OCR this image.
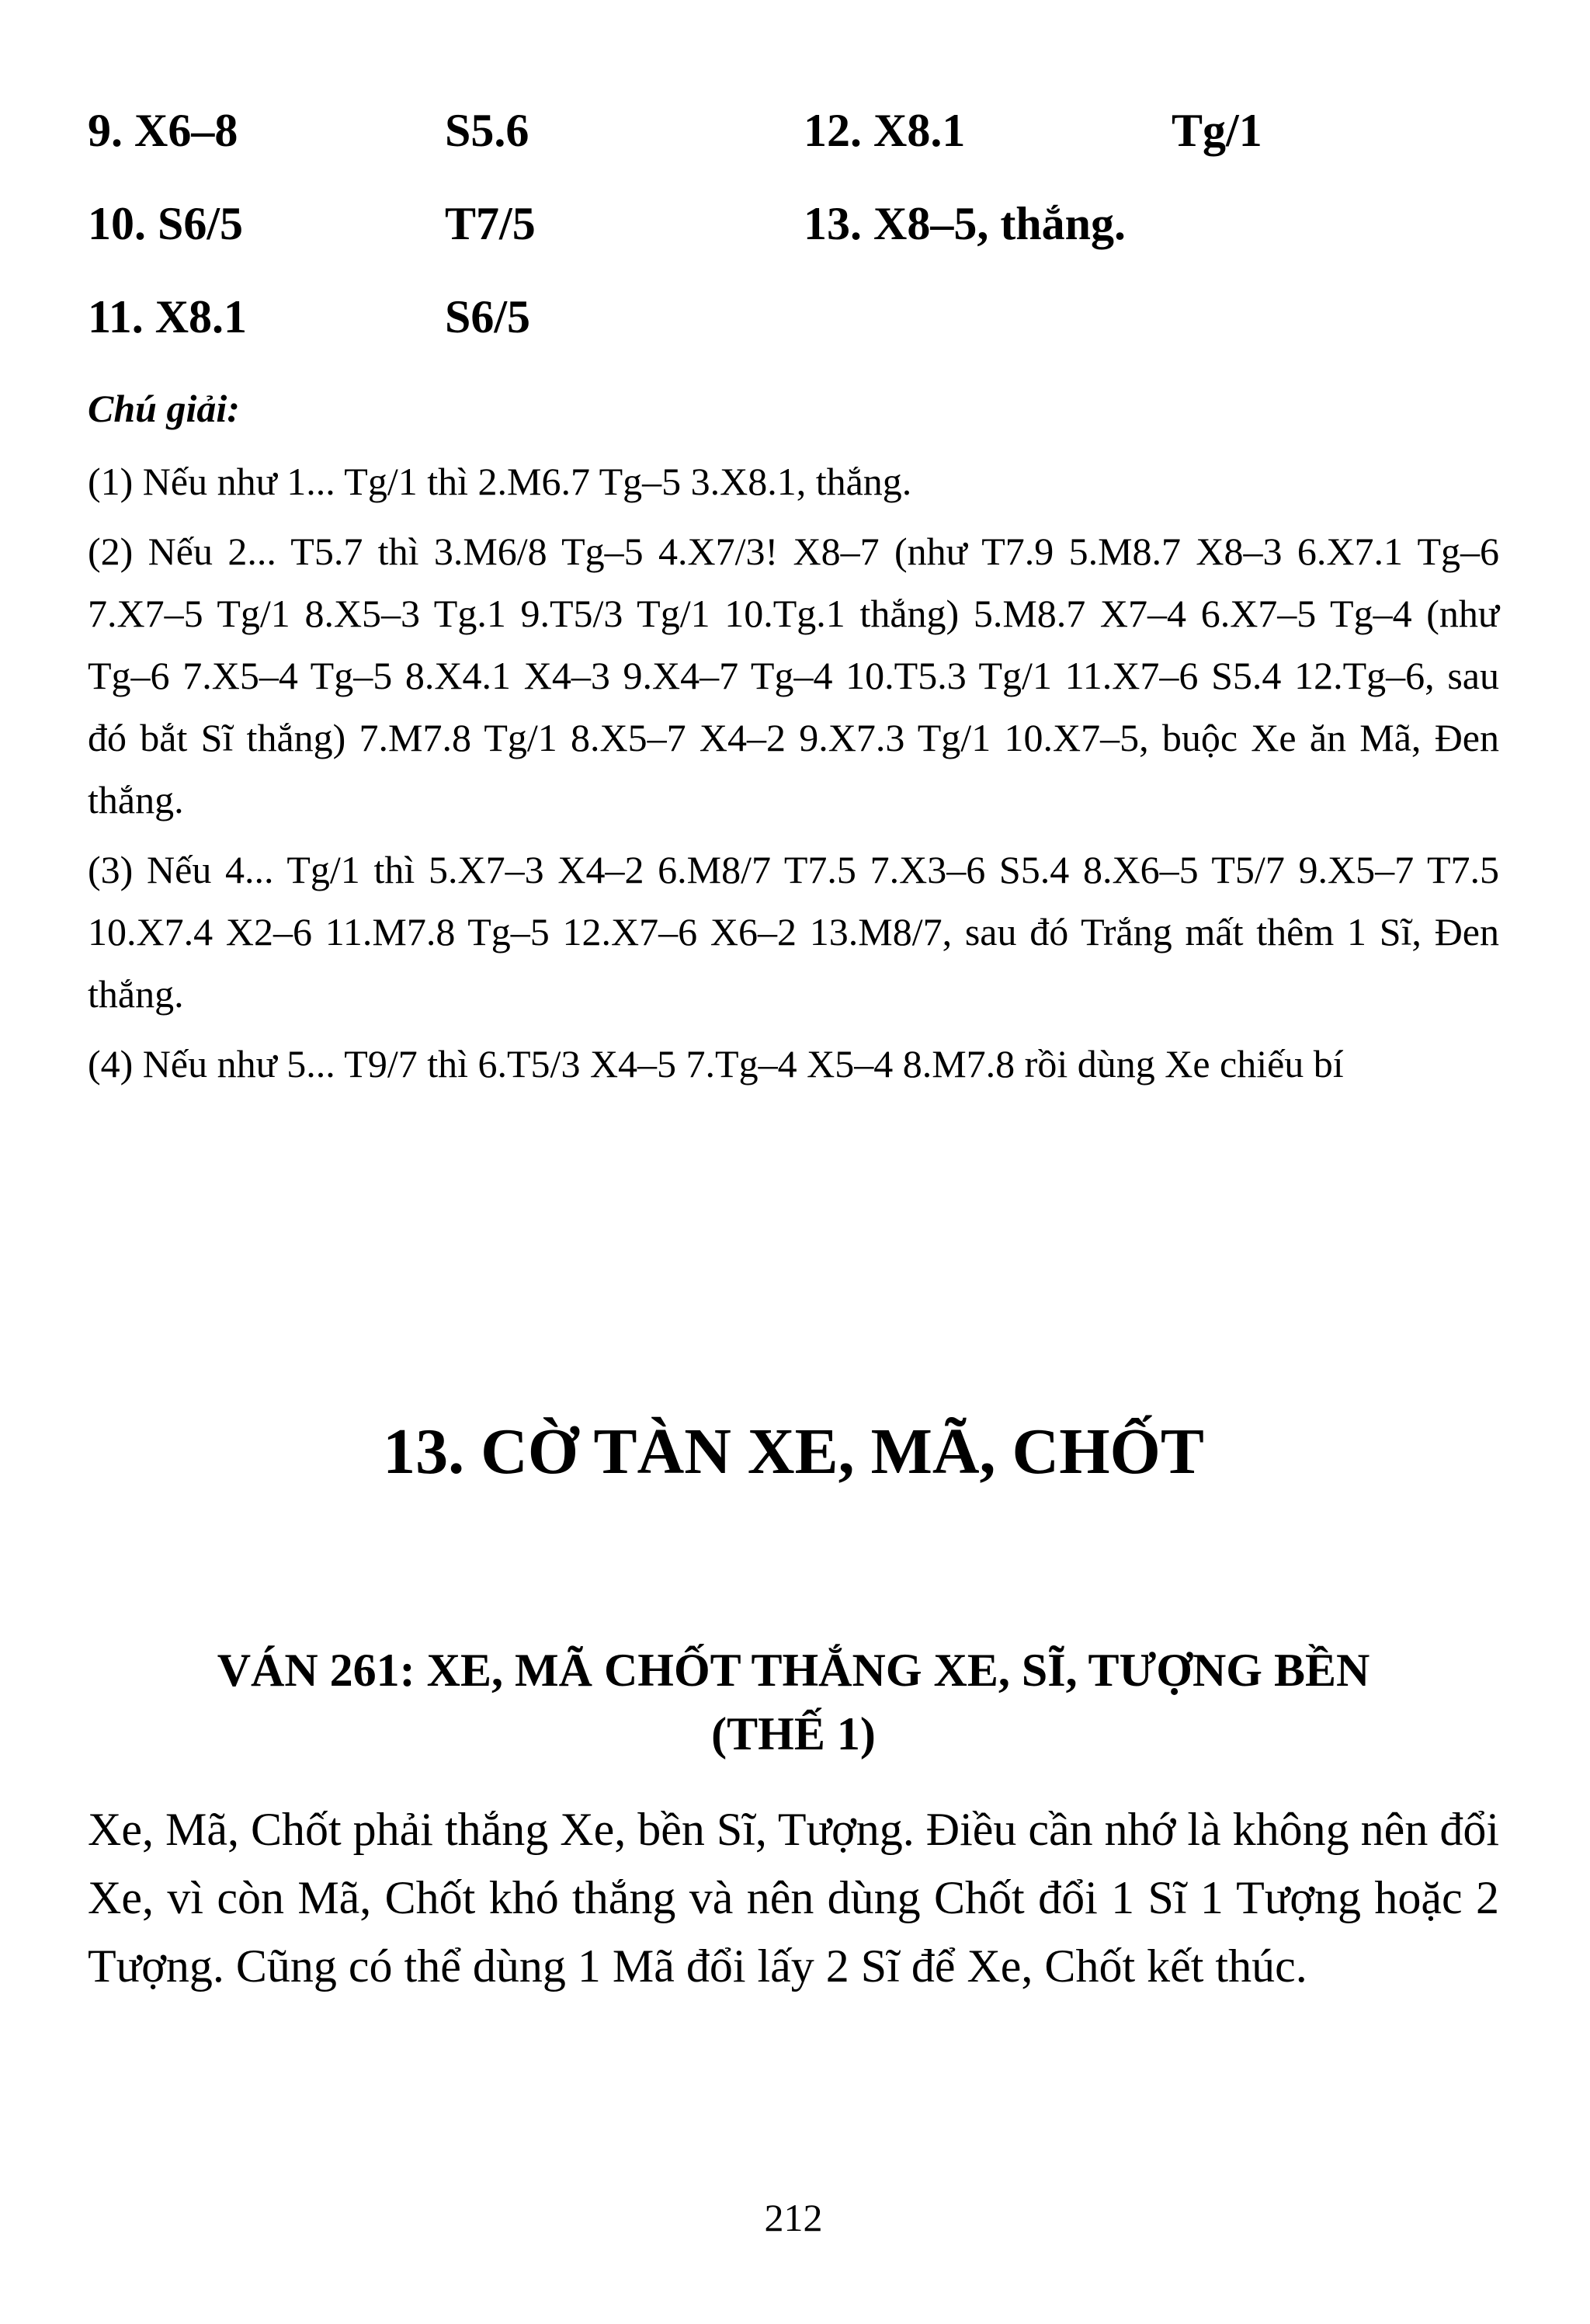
9. X6–8	S5.6	12. X8.1	Tg/1
10. S6/5	T7/5	13. X8–5, thắng.
11. X8.1	S6/5
Chú giải:

(1) Nếu như 1... Tg/1 thì 2.M6.7 Tg–5 3.X8.1, thắng.

(2) Nếu 2... T5.7 thì 3.M6/8 Tg–5 4.X7/3! X8–7 (như T7.9 5.M8.7 X8–3 6.X7.1 Tg–6 7.X7–5 Tg/1 8.X5–3 Tg.1 9.T5/3 Tg/1 10.Tg.1 thắng) 5.M8.7 X7–4 6.X7–5 Tg–4 (như Tg–6 7.X5–4 Tg–5 8.X4.1 X4–3 9.X4–7 Tg–4 10.T5.3 Tg/1 11.X7–6 S5.4 12.Tg–6, sau đó bắt Sĩ thắng) 7.M7.8 Tg/1 8.X5–7 X4–2 9.X7.3 Tg/1 10.X7–5, buộc Xe ăn Mã, Đen thắng.

(3) Nếu 4... Tg/1 thì 5.X7–3 X4–2 6.M8/7 T7.5 7.X3–6 S5.4 8.X6–5 T5/7 9.X5–7 T7.5 10.X7.4 X2–6 11.M7.8 Tg–5 12.X7–6 X6–2 13.M8/7, sau đó Trắng mất thêm 1 Sĩ, Đen thắng.

(4) Nếu như 5... T9/7 thì 6.T5/3 X4–5 7.Tg–4 X5–4 8.M7.8 rồi dùng Xe chiếu bí

13. CỜ TÀN XE, MÃ, CHỐT
VÁN 261: XE, MÃ CHỐT THẮNG XE, SĨ, TƯỢNG BỀN
(THẾ 1)

Xe, Mã, Chốt phải thắng Xe, bền Sĩ, Tượng. Điều cần nhớ là không nên đổi Xe, vì còn Mã, Chốt khó thắng và nên dùng Chốt đổi 1 Sĩ 1 Tượng hoặc 2 Tượng. Cũng có thể dùng 1 Mã đổi lấy 2 Sĩ để Xe, Chốt kết thúc.

212
